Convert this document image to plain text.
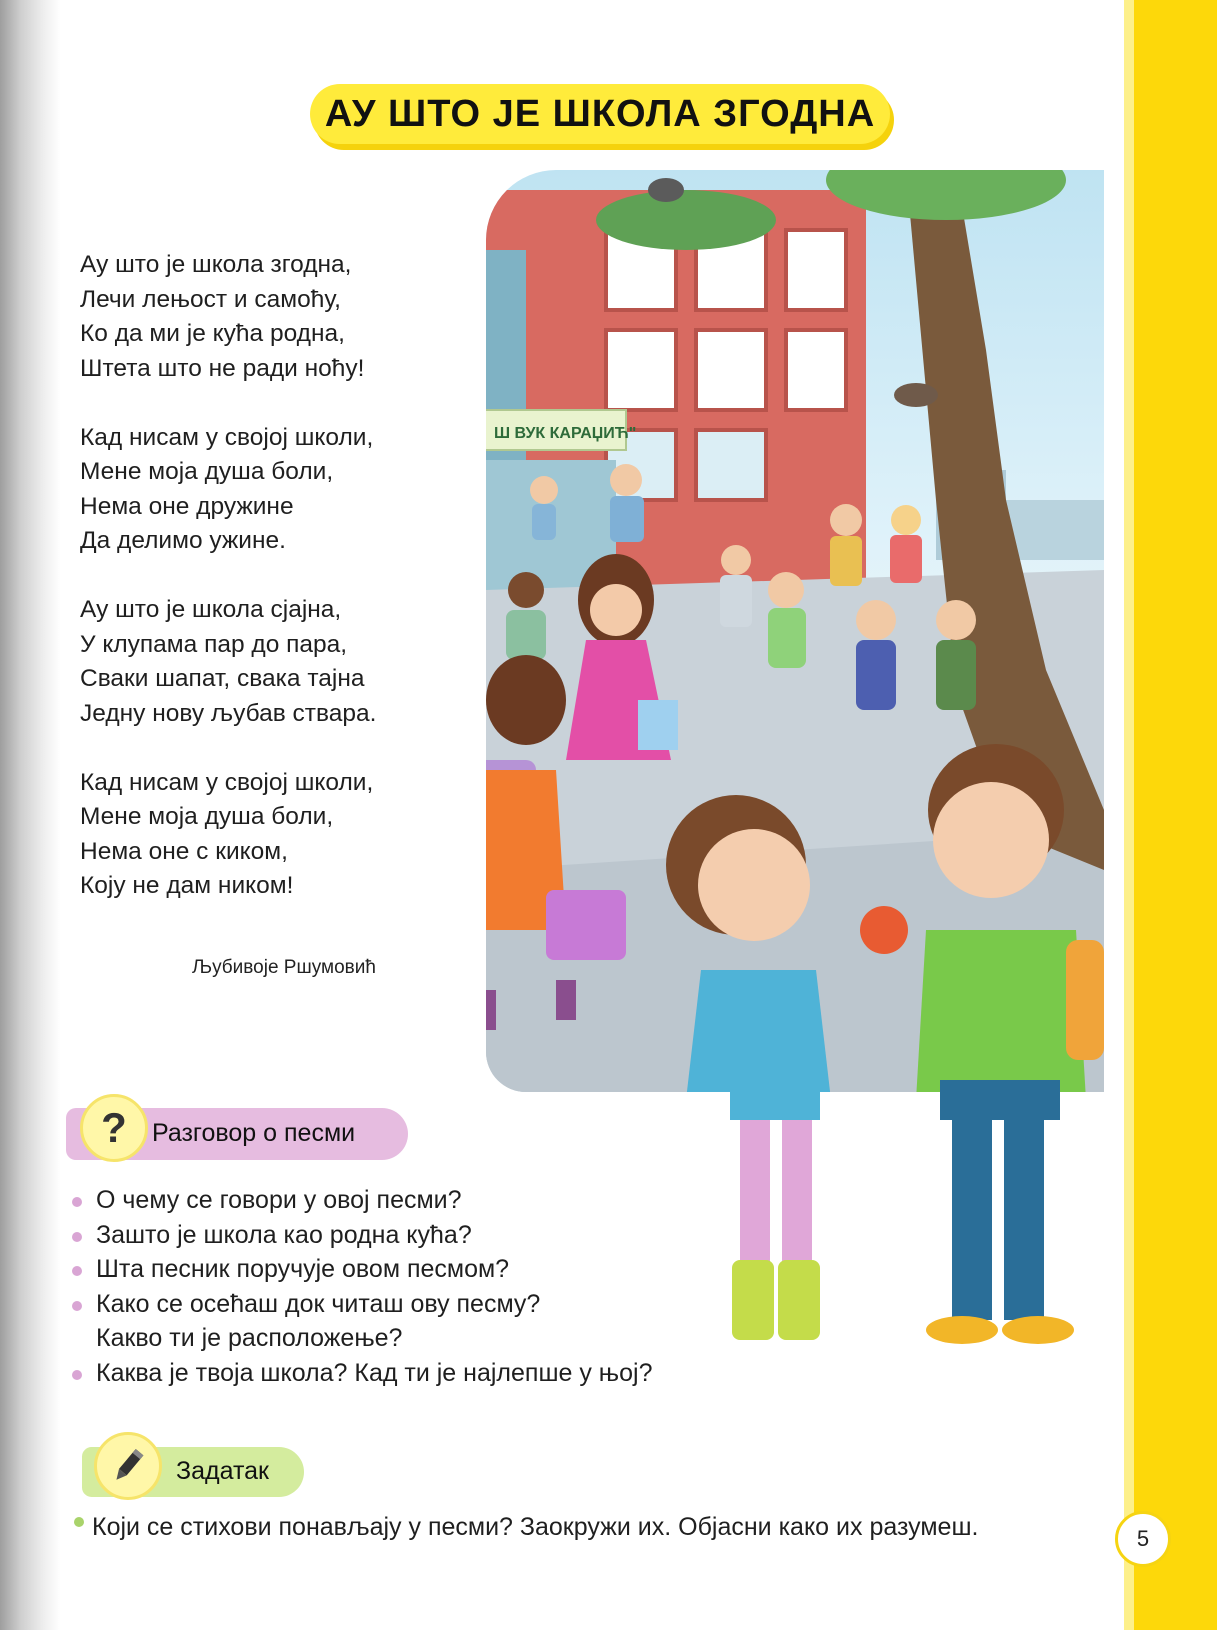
АУ ШТО ЈЕ ШКОЛА ЗГОДНА
Ау што је школа згодна,
Лечи лењост и самоћу,
Ко да ми је кућа родна,
Штета што не ради ноћу!
Кад нисам у својој школи,
Мене моја душа боли,
Нема оне дружине
Да делимо ужине.
Ау што је школа сјајна,
У клупама пар до пара,
Сваки шапат, свака тајна
Једну нову љубав ствара.
Кад нисам у својој школи,
Мене моја душа боли,
Нема оне с киком,
Коју не дам ником!
Љубивоје Ршумовић
Ш ВУК КАРАЏИЋ"
?	Разговор о песми
О чему се говори у овој песми?
Зашто је школа као родна кућа?
Шта песник поручује овом песмом?
Како се осећаш док читаш ову песму?
Какво ти је расположење?
Каква је твоја школа? Кад ти је најлепше у њој?
Задатак
Који се стихови понављају у песми? Заокружи их. Објасни како их разумеш.	5
